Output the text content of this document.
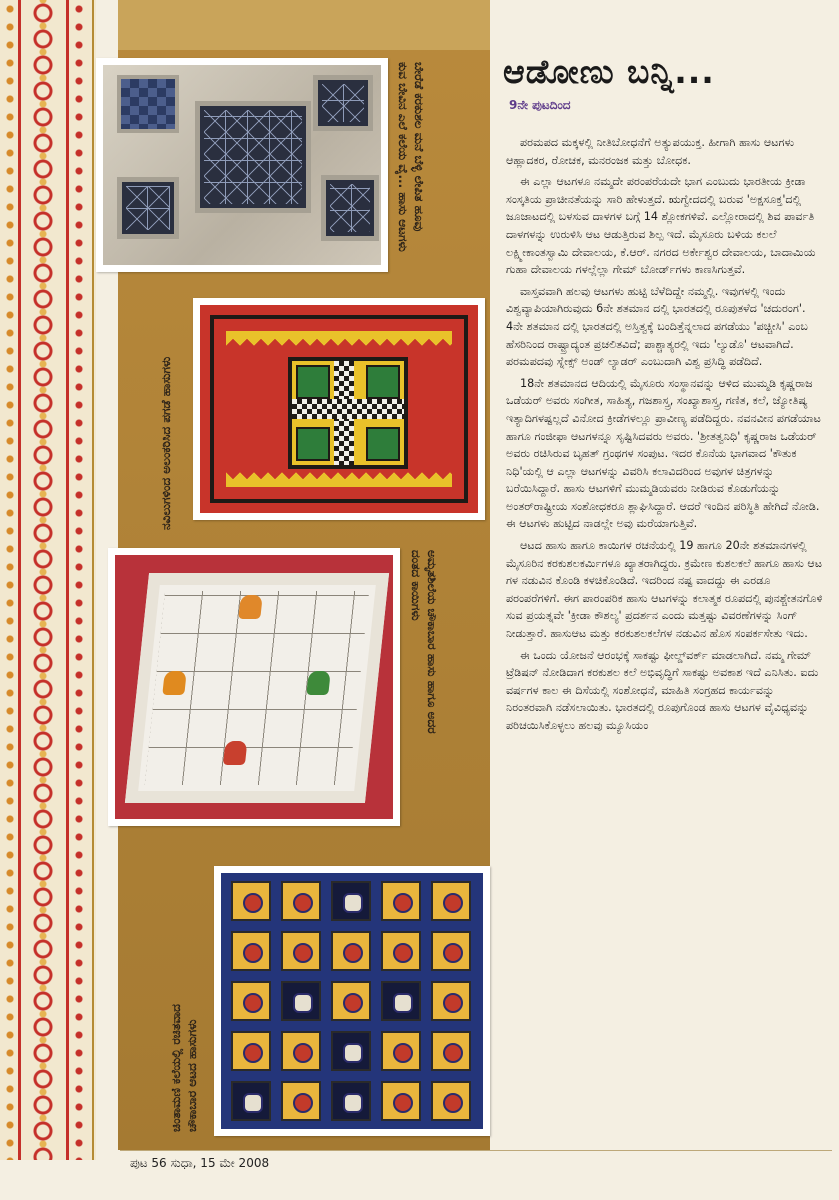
ಬೇರೆಡೆ ಕರಕುಶಲ ಮನೆ ಬೆಳ್ಳಿ ಲೇಪಿತ ಹೂವು
ಕುವ ಬೇವಿನ ಎಲೆ ಕಲೆಯ ವೈ... ಹಾಸು ಆಟಗಳು
ನವಿಲುಗಳಿಂದ ಅಲಂಕರಿಸಿದ ಪಗಡೆ ಹಾಸುಗಳು
ಅಮೃತಶಿಲೆಯ ಚೌಕಾಬಾರ ಹಾಸು ಹಾಗೂ ಅದರ
ದಂತದ ಕಾಯಿಗಳು
ಚಿಂತಾಮಣಿ ಕಲೆಯಲ್ಲಿ ರಚಿತವಾದ
ಚೌಕಾಬಾರ ಆಟದ ಹಾಸುಗಳು
ಆಡೋಣು ಬನ್ನಿ...
9ನೇ ಪುಟದಿಂದ

ಪರಮಪದ ಮಕ್ಕಳಲ್ಲಿ ನೀತಿಬೋಧನೆಗೆ ಅತ್ಯುಪಯುಕ್ತ. ಹೀಗಾಗಿ ಹಾಸು ಆಟಗಳು ಆಹ್ಲಾದಕರ, ರೋಚಕ, ಮನರಂಜಕ ಮತ್ತು ಬೋಧಕ.

ಈ ಎಲ್ಲಾ ಆಟಗಳೂ ನಮ್ಮದೇ ಪರಂಪರೆಯದೇ ಭಾಗ ಎಂಬುದು ಭಾರತೀಯ ಕ್ರೀಡಾ ಸಂಸ್ಕತಿಯ ಪ್ರಾಚೀನತೆಯನ್ನು ಸಾರಿ ಹೇಳುತ್ತದೆ. ಋಗ್ವೇದದಲ್ಲಿ ಬರುವ 'ಅಕ್ಷಸೂಕ್ತ'ದಲ್ಲಿ ಜೂಜಾಟದಲ್ಲಿ ಬಳಸುವ ದಾಳಗಳ ಬಗ್ಗೆ 14 ಶ್ಲೋಕಗಳಿವೆ. ಎಲ್ಲೋರಾದಲ್ಲಿ ಶಿವ ಪಾರ್ವತಿ ದಾಳಗಳನ್ನು ಉರುಳಿಸಿ ಆಟ ಆಡುತ್ತಿರುವ ಶಿಲ್ಪ ಇದೆ. ಮೈಸೂರು ಬಳಿಯ ಕಲಲೆ ಲಕ್ಷ್ಮೀಕಾಂತಸ್ವಾಮಿ ದೇವಾಲಯ, ಕೆ.ಆರ್. ನಗರದ ಅರ್ಕೇಶ್ವರ ದೇವಾಲಯ, ಬಾದಾಮಿಯ ಗುಹಾ ದೇವಾಲಯ ಗಳಲ್ಲೆಲ್ಲಾ ಗೇಮ್ ಬೋರ್ಡ್‌ಗಳು ಕಾಣಸಿಗುತ್ತವೆ.

ವಾಸ್ತವವಾಗಿ ಹಲವು ಆಟಗಳು ಹುಟ್ಟಿ ಬೆಳೆದಿದ್ದೇ ನಮ್ಮಲ್ಲಿ. ಇವುಗಳಲ್ಲಿ ಇಂದು ವಿಶ್ವವ್ಯಾಪಿಯಾಗಿರುವುದು 6ನೇ ಶತಮಾನ ದಲ್ಲಿ ಭಾರತದಲ್ಲಿ ರೂಪುತಳೆದ 'ಚದುರಂಗ'. 4ನೇ ಶತಮಾನ ದಲ್ಲಿ ಭಾರತದಲ್ಲಿ ಅಸ್ತಿತ್ವಕ್ಕೆ ಬಂದಿತ್ತೆನ್ನಲಾದ ಪಗಡೆಯು 'ಪಚ್ಚೀಸಿ' ಎಂಬ ಹೆಸರಿನಿಂದ ರಾಷ್ಟ್ರಾದ್ಯಂತ ಪ್ರಚಲಿತವಿದೆ; ಪಾಶ್ಚಾತ್ಯರಲ್ಲಿ ಇದು 'ಲ್ಯುಡೊ' ಆಟವಾಗಿದೆ. ಪರಮಪದವು ಸ್ನೇಕ್ಸ್ ಅಂಡ್ ಲ್ಯಾಡರ್ ಎಂಬುದಾಗಿ ವಿಶ್ವ ಪ್ರಸಿದ್ಧಿ ಪಡೆದಿದೆ.

18ನೇ ಶತಮಾನದ ಆದಿಯಲ್ಲಿ ಮೈಸೂರು ಸಂಸ್ಥಾನವನ್ನು ಆಳಿದ ಮುಮ್ಮಡಿ ಕೃಷ್ಣರಾಜ ಒಡೆಯರ್ ಅವರು ಸಂಗೀತ, ಸಾಹಿತ್ಯ, ಗಜಶಾಸ್ತ್ರ, ಸಂಖ್ಯಾಶಾಸ್ತ್ರ, ಗಣಿತ, ಕಲೆ, ಜ್ಯೋತಿಷ್ಯ ಇತ್ಯಾದಿಗಳಷ್ಟಲ್ಲದೆ ವಿನೋದ ಕ್ರೀಡೆಗಳಲ್ಲೂ ಪ್ರಾವೀಣ್ಯ ಪಡೆದಿದ್ದರು. ನವನವೀನ ಪಗಡೆಯಾಟ ಹಾಗೂ ಗಂಜೀಫಾ ಆಟಗಳನ್ನೂ ಸೃಷ್ಟಿಸಿದವರು ಅವರು. 'ಶ್ರೀತತ್ವನಿಧಿ' ಕೃಷ್ಣರಾಜ ಒಡೆಯರ್ ಅವರು ರಚಿಸಿರುವ ಬೃಹತ್ ಗ್ರಂಥಗಳ ಸಂಪುಟ. ಇದರ ಕೊನೆಯ ಭಾಗವಾದ 'ಕೌತುಕ ನಿಧಿ'ಯಲ್ಲಿ ಆ ಎಲ್ಲಾ ಆಟಗಳನ್ನು ವಿವರಿಸಿ ಕಲಾವಿದರಿಂದ ಅವುಗಳ ಚಿತ್ರಗಳನ್ನು ಬರೆಯಿಸಿದ್ದಾರೆ. ಹಾಸು ಆಟಗಳಿಗೆ ಮುಮ್ಮಡಿಯವರು ನೀಡಿರುವ ಕೊಡುಗೆಯನ್ನು ಅಂತರ್‌ರಾಷ್ಟ್ರೀಯ ಸಂಶೋಧಕರೂ ಶ್ಲಾಘಿಸಿದ್ದಾರೆ. ಆದರೆ ಇಂದಿನ ಪರಿಸ್ಥಿತಿ ಹೇಗಿದೆ ನೋಡಿ. ಈ ಆಟಗಳು ಹುಟ್ಟಿದ ನಾಡಲ್ಲೇ ಅವು ಮರೆಯಾಗುತ್ತಿವೆ.

ಆಟದ ಹಾಸು ಹಾಗೂ ಕಾಯಿಗಳ ರಚನೆಯಲ್ಲಿ 19 ಹಾಗೂ 20ನೇ ಶತಮಾನಗಳಲ್ಲಿ ಮೈಸೂರಿನ ಕರಕುಶಲಕರ್ಮಿಗಳೂ ಖ್ಯಾತರಾಗಿದ್ದರು. ಕ್ರಮೇಣ ಕುಶಲಕಲೆ ಹಾಗೂ ಹಾಸು ಆಟ ಗಳ ನಡುವಿನ ಕೊಂಡಿ ಕಳಚಿಕೊಂಡಿದೆ. ಇದರಿಂದ ನಷ್ಟ ವಾದದ್ದು ಈ ಎರಡೂ ಪರಂಪರೆಗಳಿಗೆ. ಈಗ ಪಾರಂಪರಿಕ ಹಾಸು ಆಟಗಳನ್ನು ಕಲಾತ್ಮಕ ರೂಪದಲ್ಲಿ ಪುನಶ್ಚೇತನಗೊಳಿ ಸುವ ಪ್ರಯತ್ನವೇ 'ಕ್ರೀಡಾ ಕೌಶಲ್ಯ' ಪ್ರದರ್ಶನ ಎಂದು ಮತ್ತಷ್ಟು ವಿವರಣೆಗಳನ್ನು ಸಿಂಗ್ ನೀಡುತ್ತಾರೆ. ಹಾಸುಆಟ ಮತ್ತು ಕರಕುಶಲಕಲೆಗಳ ನಡುವಿನ ಹೊಸ ಸಂಪರ್ಕಸೇತು ಇದು.

ಈ ಒಂದು ಯೋಜನೆ ಆರಂಭಕ್ಕೆ ಸಾಕಷ್ಟು ಫೀಲ್ಡ್‌ವರ್ಕ್ ಮಾಡಲಾಗಿದೆ. ನಮ್ಮ ಗೇಮ್ ಟ್ರೆಡಿಷನ್ ನೋಡಿದಾಗ ಕರಕುಶಲ ಕಲೆ ಅಭಿವೃದ್ಧಿಗೆ ಸಾಕಷ್ಟು ಅವಕಾಶ ಇದೆ ಎನಿಸಿತು. ಐದು ವರ್ಷಗಳ ಕಾಲ ಈ ದಿಸೆಯಲ್ಲಿ ಸಂಶೋಧನೆ, ಮಾಹಿತಿ ಸಂಗ್ರಹದ ಕಾರ್ಯವನ್ನು ನಿರಂತರವಾಗಿ ನಡೆಸಲಾಯಿತು. ಭಾರತದಲ್ಲಿ ರೂಪುಗೊಂಡ ಹಾಸು ಆಟಗಳ ವೈವಿಧ್ಯವನ್ನು ಪರಿಚಯಿಸಿಕೊಳ್ಳಲು ಹಲವು ಮ್ಯೂಸಿಯಂ

ಪುಟ 56 ಸುಧಾ, 15 ಮೇ 2008
